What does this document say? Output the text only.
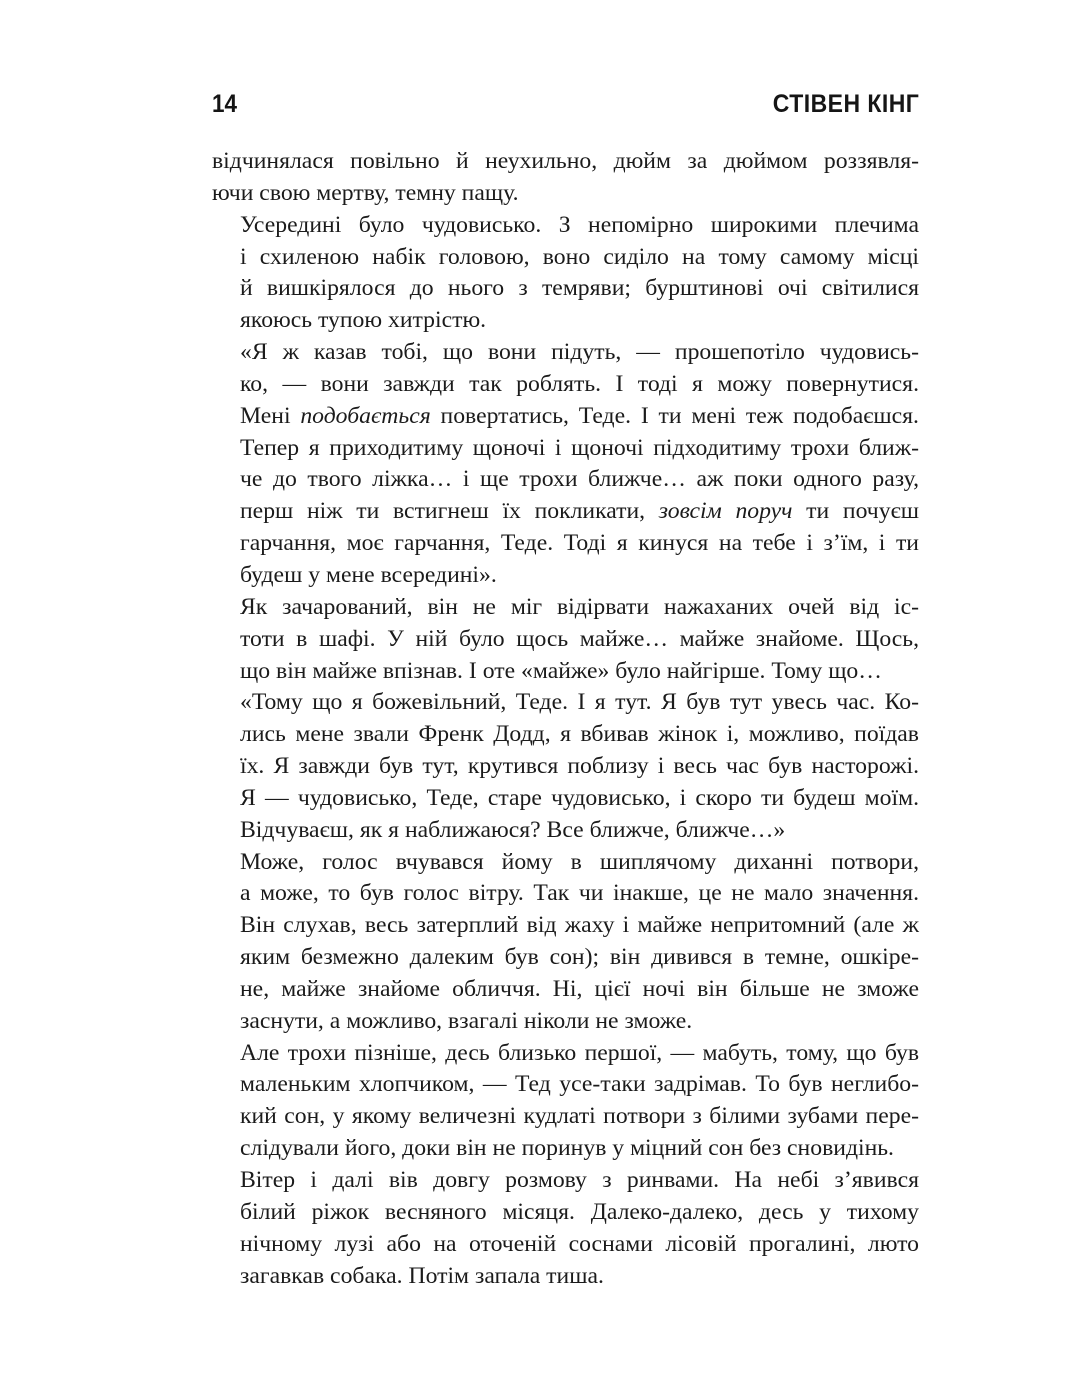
14	СТІВЕН КІНГ

відчинялася повільно й неухильно, дюйм за дюймом роззявля-
ючи свою мертву, темну пащу.

Усередині було чудовисько. З непомірно широкими плечима
і схиленою набік головою, воно сиділо на тому самому місці
й вишкірялося до нього з темряви; бурштинові очі світилися
якоюсь тупою хитрістю.

«Я ж казав тобі, що вони підуть, — прошепотіло чудовись-
ко, — вони завжди так роблять. І тоді я можу повернутися.
Мені подобається повертатись, Теде. І ти мені теж подобаєшся.
Тепер я приходитиму щоночі і щоночі підходитиму трохи ближ-
че до твого ліжка… і ще трохи ближче… аж поки одного разу,
перш ніж ти встигнеш їх покликати, зовсім поруч ти почуєш
гарчання, моє гарчання, Теде. Тоді я кинуся на тебе і з’їм, і ти
будеш у мене всередині».

Як зачарований, він не міг відірвати нажаханих очей від іс-
тоти в шафі. У ній було щось майже… майже знайоме. Щось,
що він майже впізнав. І оте «майже» було найгірше. Тому що…

«Тому що я божевільний, Теде. І я тут. Я був тут увесь час. Ко-
лись мене звали Френк Додд, я вбивав жінок і, можливо, поїдав
їх. Я завжди був тут, крутився поблизу і весь час був насторожі.
Я — чудовисько, Теде, старе чудовисько, і скоро ти будеш моїм.
Відчуваєш, як я наближаюся? Все ближче, ближче…»

Може, голос вчувався йому в шиплячому диханні потвори,
а може, то був голос вітру. Так чи інакше, це не мало значення.
Він слухав, весь затерплий від жаху і майже непритомний (але ж
яким безмежно далеким був сон); він дивився в темне, ошкіре-
не, майже знайоме обличчя. Ні, цієї ночі він більше не зможе
заснути, а можливо, взагалі ніколи не зможе.

Але трохи пізніше, десь близько першої, — мабуть, тому, що був
маленьким хлопчиком, — Тед усе-таки задрімав. То був неглибо-
кий сон, у якому величезні кудлаті потвори з білими зубами пере-
слідували його, доки він не поринув у міцний сон без сновидінь.

Вітер і далі вів довгу розмову з ринвами. На небі з’явився
білий ріжок весняного місяця. Далеко-далеко, десь у тихому
нічному лузі або на оточеній соснами лісовій прогалині, люто
загавкав собака. Потім запала тиша.
